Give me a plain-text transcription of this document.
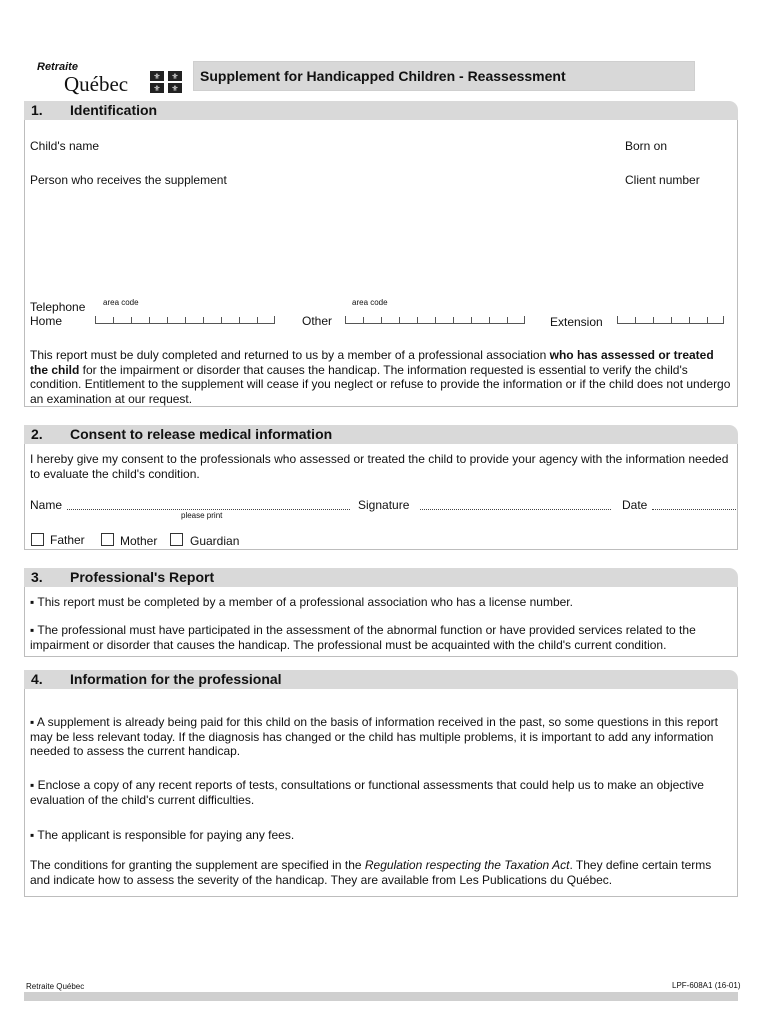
Retraite
Québec	⚜ ⚜
⚜ ⚜
Supplement for Handicapped Children - Reassessment
1. Identification
Child's name	Born on
Person who receives the supplement	Client number
Telephone
Home
area code
Other
area code
Extension
This report must be duly completed and returned to us by a member of a professional association who has assessed or treated the child for the impairment or disorder that causes the handicap. The information requested is essential to verify the child's condition. Entitlement to the supplement will cease if you neglect or refuse to provide the information or if the child does not undergo an examination at our request.
2. Consent to release medical information
I hereby give my consent to the professionals who assessed or treated the child to provide your agency with the information needed to evaluate the child's condition.
Name
please print
Signature	Date
Father	Mother	Guardian
3. Professional's Report
▪ This report must be completed by a member of a professional association who has a license number.
▪ The professional must have participated in the assessment of the abnormal function or have provided services related to the impairment or disorder that causes the handicap. The professional must be acquainted with the child's current condition.
4. Information for the professional
▪ A supplement is already being paid for this child on the basis of information received in the past, so some questions in this report may be less relevant today. If the diagnosis has changed or the child has multiple problems, it is important to add any information needed to assess the current handicap.
▪ Enclose a copy of any recent reports of tests, consultations or functional assessments that could help us to make an objective evaluation of the child's current difficulties.
▪ The applicant is responsible for paying any fees.
The conditions for granting the supplement are specified in the Regulation respecting the Taxation Act. They define certain terms and indicate how to assess the severity of the handicap. They are available from Les Publications du Québec.
Retraite Québec	LPF-608A1 (16-01)
